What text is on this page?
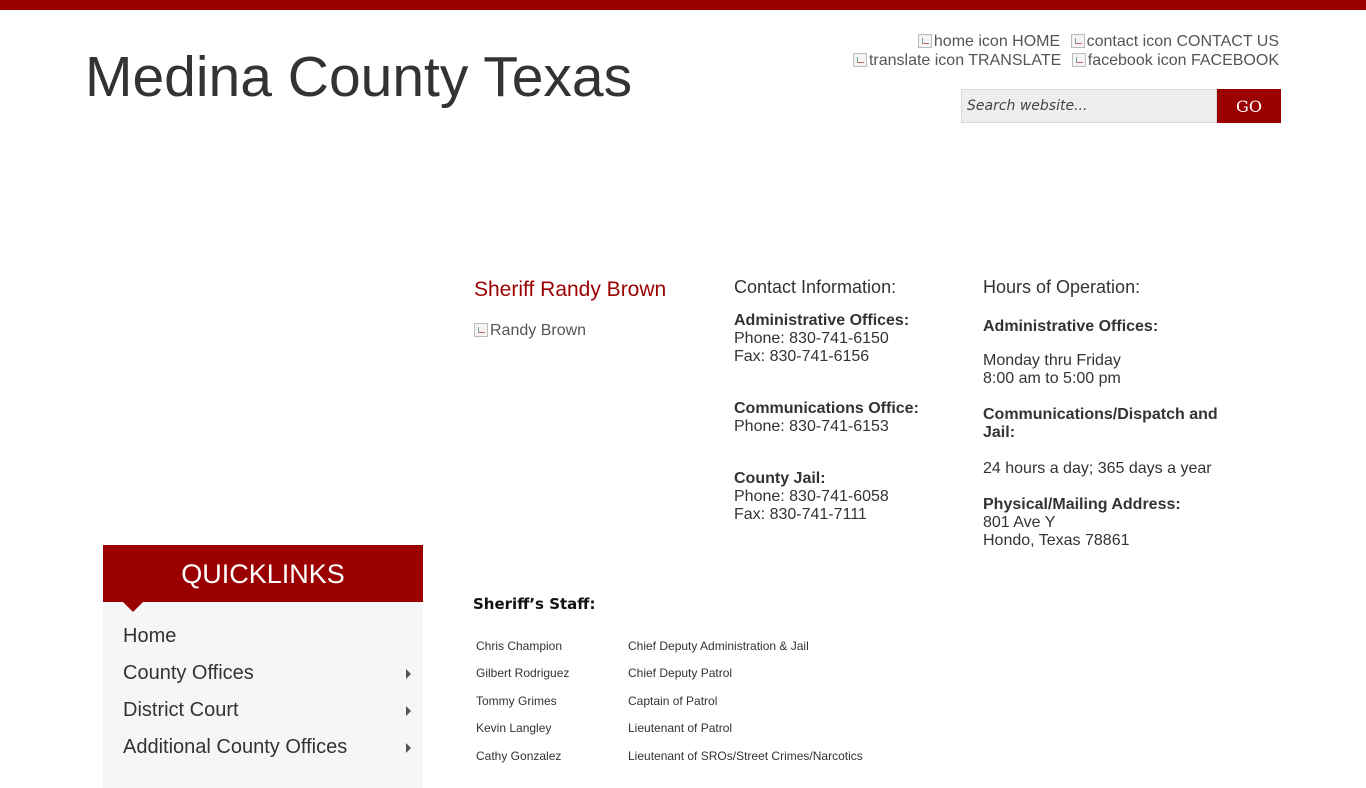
Medina County Texas
home icon HOME contact icon CONTACT US
translate icon TRANSLATE facebook icon FACEBOOK
Search website...
GO
Sheriff Randy Brown
Randy Brown
Contact Information:
Administrative Offices:
Phone: 830-741-6150
Fax: 830-741-6156
Communications Office:
Phone: 830-741-6153
County Jail:
Phone: 830-741-6058
Fax: 830-741-7111
Hours of Operation:
Administrative Offices:
Monday thru Friday
8:00 am to 5:00 pm
Communications/Dispatch and Jail:
24 hours a day; 365 days a year
Physical/Mailing Address:
801 Ave Y
Hondo, Texas 78861
QUICKLINKS
Home
County Offices
District Court
Additional County Offices
Sheriff’s Staff:
Chris Champion	Chief Deputy Administration & Jail
Gilbert Rodriguez	Chief Deputy Patrol
Tommy Grimes	Captain of Patrol
Kevin Langley	Lieutenant of Patrol
Cathy Gonzalez	Lieutenant of SROs/Street Crimes/Narcotics
